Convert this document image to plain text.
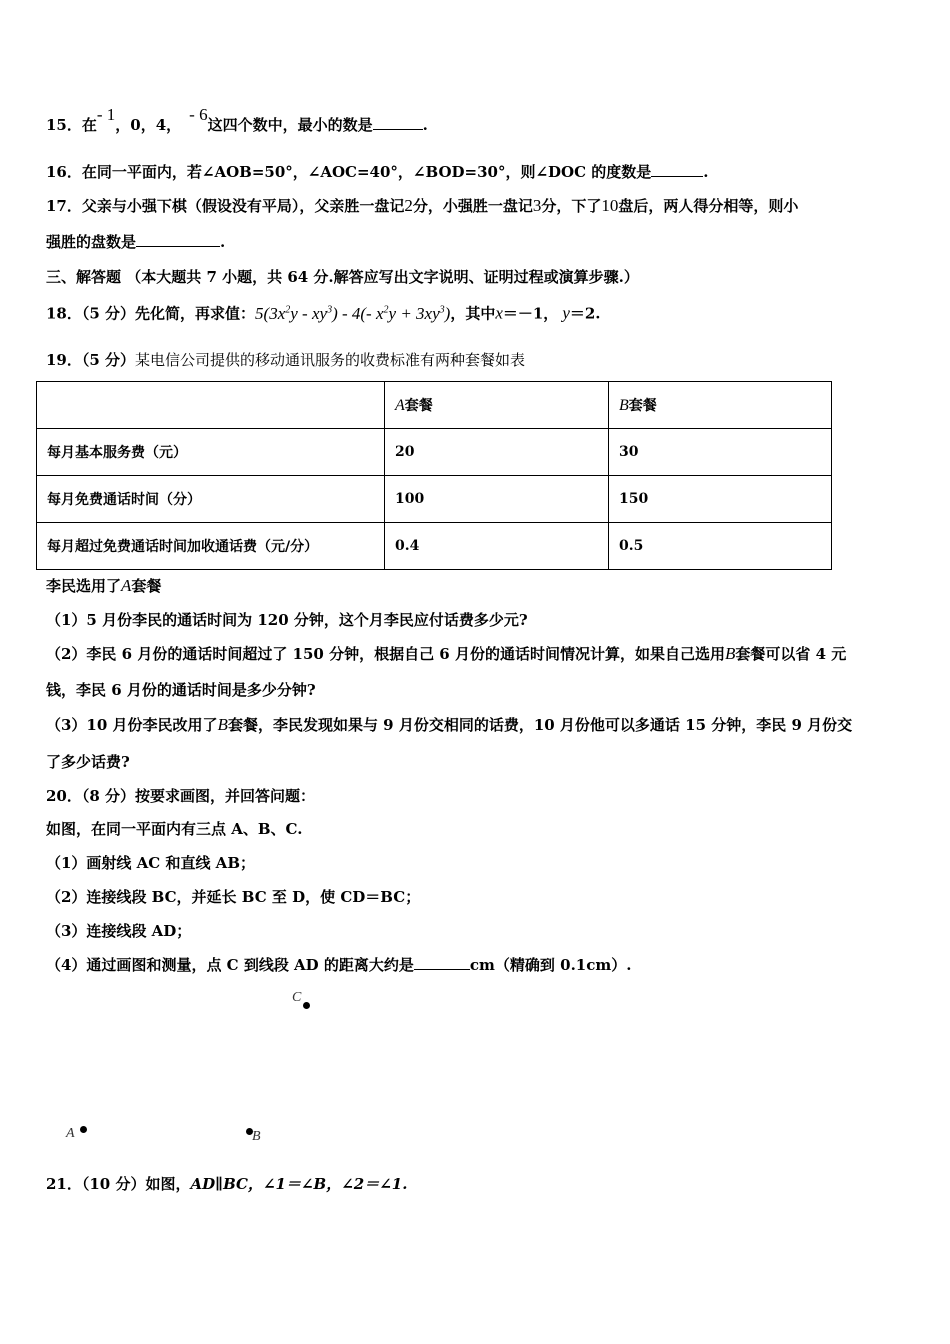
15．在- 1，0，4，- 6这四个数中，最小的数是	.
16．在同一平面内，若∠AOB=50°，∠AOC=40°，∠BOD=30°，则∠DOC 的度数是	.
17．父亲与小强下棋（假设没有平局），父亲胜一盘记2分，小强胜一盘记3分，下了10盘后，两人得分相等，则小
强胜的盘数是	.
三、解答题 （本大题共 7 小题，共 64 分.解答应写出文字说明、证明过程或演算步骤.）
18．（5 分）先化简，再求值：$5(3x^2y - xy^3) - 4(-$ $x^2y + 3xy^3$)，其中x＝－1， y＝2.
19．（5 分）某电信公司提供的移动通讯服务的收费标准有两种套餐如表
	A套餐	B套餐
每月基本服务费（元）	20	30
每月免费通话时间（分）	100	150
每月超过免费通话时间加收通话费（元/分）	0.4	0.5
李民选用了A套餐
（1）5 月份李民的通话时间为 120 分钟，这个月李民应付话费多少元?
（2）李民 6 月份的通话时间超过了 150 分钟，根据自己 6 月份的通话时间情况计算，如果自己选用B套餐可以省 4 元
钱，李民 6 月份的通话时间是多少分钟?
（3）10 月份李民改用了B套餐，李民发现如果与 9 月份交相同的话费，10 月份他可以多通话 15 分钟，李民 9 月份交
了多少话费?
20．（8 分）按要求画图，并回答问题：
如图，在同一平面内有三点 A、B、C.
（1）画射线 AC 和直线 AB；
（2）连接线段 BC，并延长 BC 至 D，使 CD＝BC；
（3）连接线段 AD；
（4）通过画图和测量，点 C 到线段 AD 的距离大约是	cm（精确到 0.1cm）.
C
A	B
21．（10 分）如图，AD∥BC，∠1＝∠B，∠2＝∠1.
